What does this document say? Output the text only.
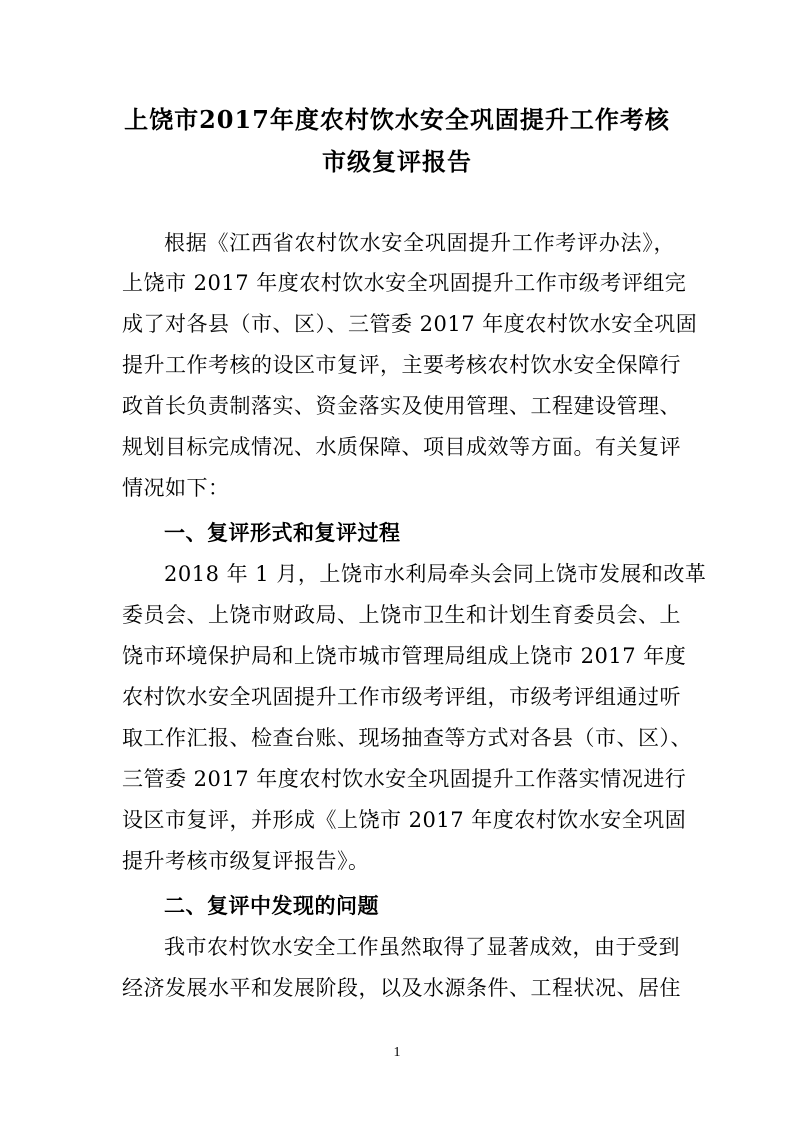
上饶市2017年度农村饮水安全巩固提升工作考核
市级复评报告
根据《江西省农村饮水安全巩固提升工作考评办法》，
上饶市 2017 年度农村饮水安全巩固提升工作市级考评组完
成了对各县（市、区）、三管委 2017 年度农村饮水安全巩固
提升工作考核的设区市复评，主要考核农村饮水安全保障行
政首长负责制落实、资金落实及使用管理、工程建设管理、
规划目标完成情况、水质保障、项目成效等方面。有关复评
情况如下：
一、复评形式和复评过程
2018 年 1 月，上饶市水利局牵头会同上饶市发展和改革
委员会、上饶市财政局、上饶市卫生和计划生育委员会、上
饶市环境保护局和上饶市城市管理局组成上饶市 2017 年度
农村饮水安全巩固提升工作市级考评组，市级考评组通过听
取工作汇报、检查台账、现场抽查等方式对各县（市、区）、
三管委 2017 年度农村饮水安全巩固提升工作落实情况进行
设区市复评，并形成《上饶市 2017 年度农村饮水安全巩固
提升考核市级复评报告》。
二、复评中发现的问题
我市农村饮水安全工作虽然取得了显著成效，由于受到
经济发展水平和发展阶段，以及水源条件、工程状况、居住
1
